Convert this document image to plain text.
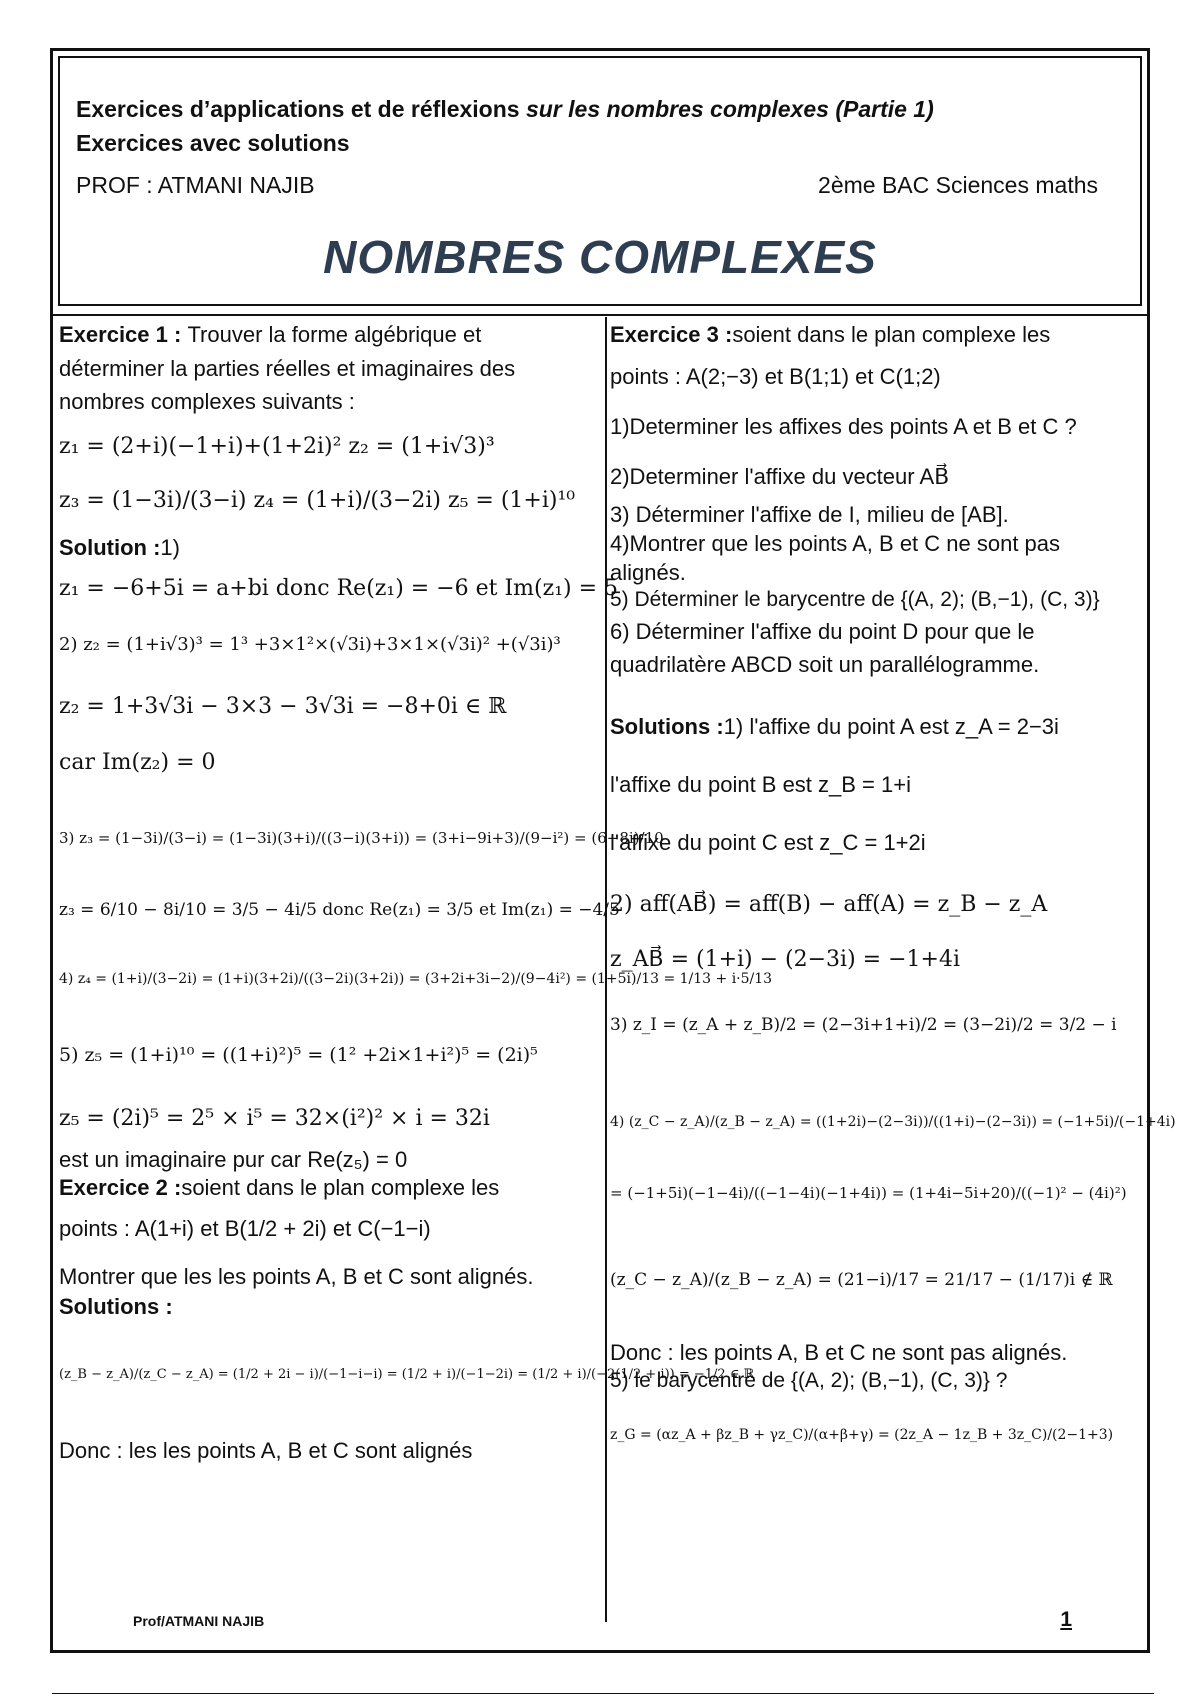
Exercices d’applications et de réflexions sur les nombres complexes (Partie 1)
Exercices avec solutions
PROF : ATMANI NAJIB	2ème BAC Sciences maths
NOMBRES COMPLEXES
Exercice 1 : Trouver la forme algébrique et
déterminer la parties réelles et imaginaires des
nombres complexes suivants :
z₁ = (2+i)(−1+i)+(1+2i)² z₂ = (1+i√3)³
z₃ = (1−3i)/(3−i) z₄ = (1+i)/(3−2i) z₅ = (1+i)¹⁰
Solution :1)
z₁ = −6+5i = a+bi donc Re(z₁) = −6 et Im(z₁) = 5
2) z₂ = (1+i√3)³ = 1³ +3×1²×(√3i)+3×1×(√3i)² +(√3i)³
z₂ = 1+3√3i − 3×3 − 3√3i = −8+0i ∈ ℝ
car Im(z₂) = 0
3) z₃ = (1−3i)/(3−i) = (1−3i)(3+i)/((3−i)(3+i)) = (3+i−9i+3)/(9−i²) = (6−8i)/10
z₃ = 6/10 − 8i/10 = 3/5 − 4i/5 donc Re(z₁) = 3/5 et Im(z₁) = −4/5
4) z₄ = (1+i)/(3−2i) = (1+i)(3+2i)/((3−2i)(3+2i)) = (3+2i+3i−2)/(9−4i²) = (1+5i)/13 = 1/13 + i·5/13
5) z₅ = (1+i)¹⁰ = ((1+i)²)⁵ = (1² +2i×1+i²)⁵ = (2i)⁵
z₅ = (2i)⁵ = 2⁵ × i⁵ = 32×(i²)² × i = 32i
est un imaginaire pur car Re(z₅) = 0
Exercice 2 :soient dans le plan complexe les
points : A(1+i) et B(1/2 + 2i) et C(−1−i)
Montrer que les les points A, B et C sont alignés.
Solutions :
(z_B − z_A)/(z_C − z_A) = (1/2 + 2i − i)/(−1−i−i) = (1/2 + i)/(−1−2i) = (1/2 + i)/(−2(1/2 + i)) = −1/2 ∈ ℝ
Donc : les les points A, B et C sont alignés
Exercice 3 :soient dans le plan complexe les
points : A(2;−3) et B(1;1) et C(1;2)
1)Determiner les affixes des points A et B et C ?
2)Determiner l'affixe du vecteur AB⃗
3) Déterminer l'affixe de I, milieu de [AB].
4)Montrer que les points A, B et C ne sont pas
alignés.
5) Déterminer le barycentre de {(A, 2); (B,−1), (C, 3)}
6) Déterminer l'affixe du point D pour que le
quadrilatère ABCD soit un parallélogramme.
Solutions :1) l'affixe du point A est z_A = 2−3i
l'affixe du point B est z_B = 1+i
l'affixe du point C est z_C = 1+2i
2) aff(AB⃗) = aff(B) − aff(A) = z_B − z_A
z_AB⃗ = (1+i) − (2−3i) = −1+4i
3) z_I = (z_A + z_B)/2 = (2−3i+1+i)/2 = (3−2i)/2 = 3/2 − i
4) (z_C − z_A)/(z_B − z_A) = ((1+2i)−(2−3i))/((1+i)−(2−3i)) = (−1+5i)/(−1+4i)
= (−1+5i)(−1−4i)/((−1−4i)(−1+4i)) = (1+4i−5i+20)/((−1)² − (4i)²)
(z_C − z_A)/(z_B − z_A) = (21−i)/17 = 21/17 − (1/17)i ∉ ℝ
Donc : les points A, B et C ne sont pas alignés.
5) le barycentre de {(A, 2); (B,−1), (C, 3)} ?
z_G = (αz_A + βz_B + γz_C)/(α+β+γ) = (2z_A − 1z_B + 3z_C)/(2−1+3)
Prof/ATMANI NAJIB	1
